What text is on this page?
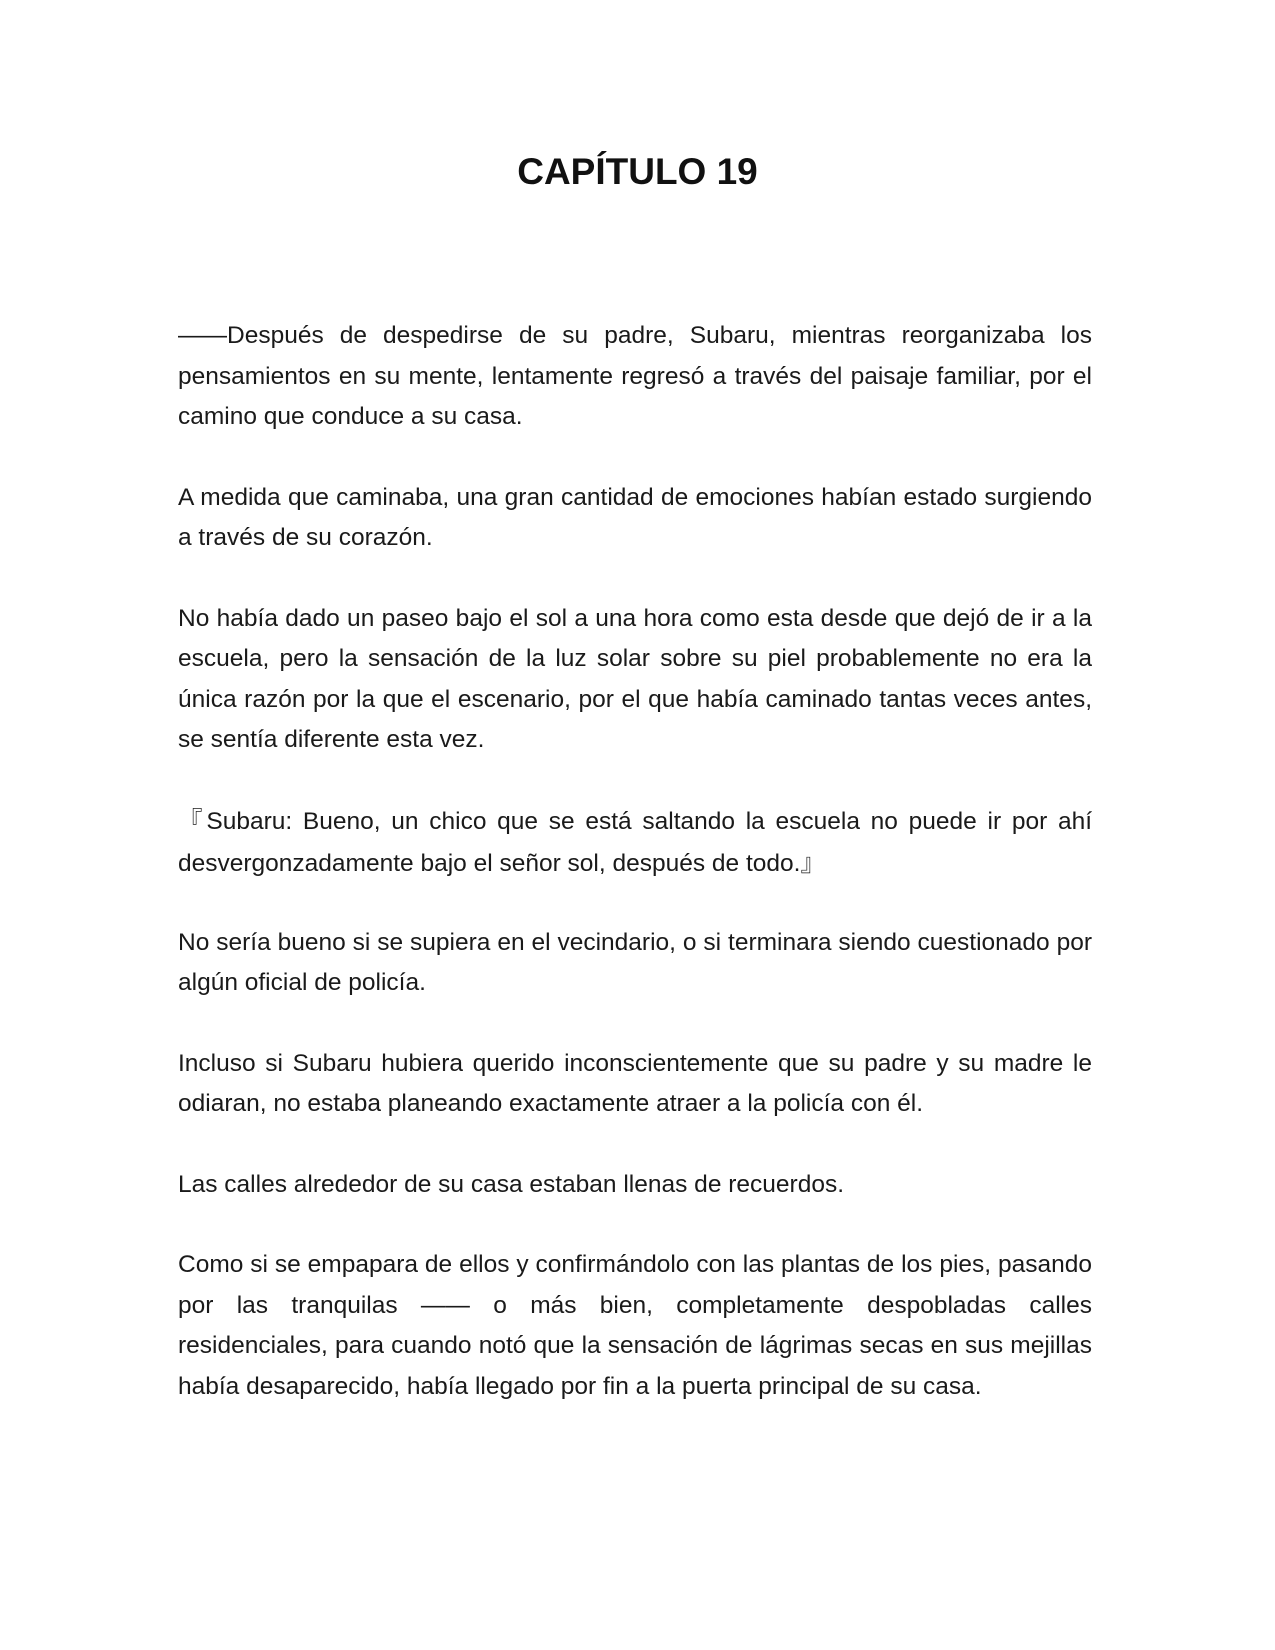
CAPÍTULO 19

——Después de despedirse de su padre, Subaru, mientras reorganizaba los pensamientos en su mente, lentamente regresó a través del paisaje familiar, por el camino que conduce a su casa.

A medida que caminaba, una gran cantidad de emociones habían estado surgiendo a través de su corazón.

No había dado un paseo bajo el sol a una hora como esta desde que dejó de ir a la escuela, pero la sensación de la luz solar sobre su piel probablemente no era la única razón por la que el escenario, por el que había caminado tantas veces antes, se sentía diferente esta vez.

『Subaru: Bueno, un chico que se está saltando la escuela no puede ir por ahí desvergonzadamente bajo el señor sol, después de todo.』

No sería bueno si se supiera en el vecindario, o si terminara siendo cuestionado por algún oficial de policía.

Incluso si Subaru hubiera querido inconscientemente que su padre y su madre le odiaran, no estaba planeando exactamente atraer a la policía con él.

Las calles alrededor de su casa estaban llenas de recuerdos.

Como si se empapara de ellos y confirmándolo con las plantas de los pies, pasando por las tranquilas —— o más bien, completamente despobladas calles residenciales, para cuando notó que la sensación de lágrimas secas en sus mejillas había desaparecido, había llegado por fin a la puerta principal de su casa.
